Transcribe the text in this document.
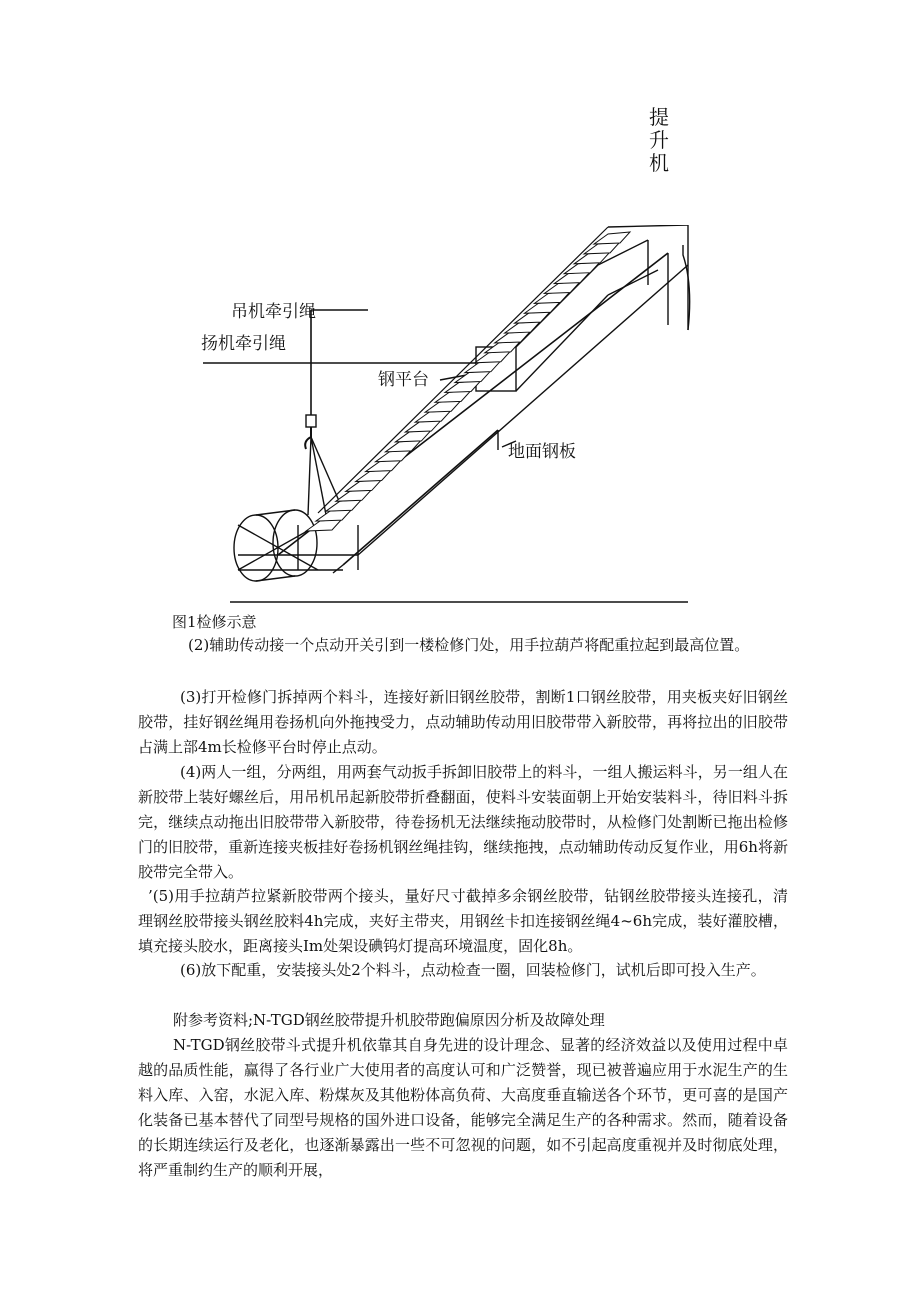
提
升
机
吊机牵引绳
扬机牵引绳
钢平台
地面钢板
图1检修示意

(2)辅助传动接一个点动开关引到一楼检修门处，用手拉葫芦将配重拉起到最高位置。

(3)打开检修门拆掉两个料斗，连接好新旧钢丝胶带，割断1口钢丝胶带，用夹板夹好旧钢丝胶带，挂好钢丝绳用卷扬机向外拖拽受力，点动辅助传动用旧胶带带入新胶带，再将拉出的旧胶带占满上部4m长检修平台时停止点动。

(4)两人一组，分两组，用两套气动扳手拆卸旧胶带上的料斗，一组人搬运料斗，另一组人在新胶带上装好螺丝后，用吊机吊起新胶带折叠翻面，使料斗安装面朝上开始安装料斗，待旧料斗拆完，继续点动拖出旧胶带带入新胶带，待卷扬机无法继续拖动胶带时，从检修门处割断已拖出检修门的旧胶带，重新连接夹板挂好卷扬机钢丝绳挂钩，继续拖拽，点动辅助传动反复作业，用6h将新胶带完全带入。

’(5)用手拉葫芦拉紧新胶带两个接头，量好尺寸截掉多余钢丝胶带，钻钢丝胶带接头连接孔，清理钢丝胶带接头钢丝胶料4h完成，夹好主带夹，用钢丝卡扣连接钢丝绳4~6h完成，装好灌胶槽，填充接头胶水，距离接头Im处架设碘钨灯提高环境温度，固化8h。

(6)放下配重，安装接头处2个料斗，点动检查一圈，回装检修门，试机后即可投入生产。

附参考资料;N-TGD钢丝胶带提升机胶带跑偏原因分析及故障处理

N-TGD钢丝胶带斗式提升机依靠其自身先进的设计理念、显著的经济效益以及使用过程中卓越的品质性能，赢得了各行业广大使用者的高度认可和广泛赞誉，现已被普遍应用于水泥生产的生料入库、入窑，水泥入库、粉煤灰及其他粉体高负荷、大高度垂直输送各个环节，更可喜的是国产化装备已基本替代了同型号规格的国外进口设备，能够完全满足生产的各种需求。然而，随着设备的长期连续运行及老化，也逐渐暴露出一些不可忽视的问题，如不引起高度重视并及时彻底处理，将严重制约生产的顺利开展，
